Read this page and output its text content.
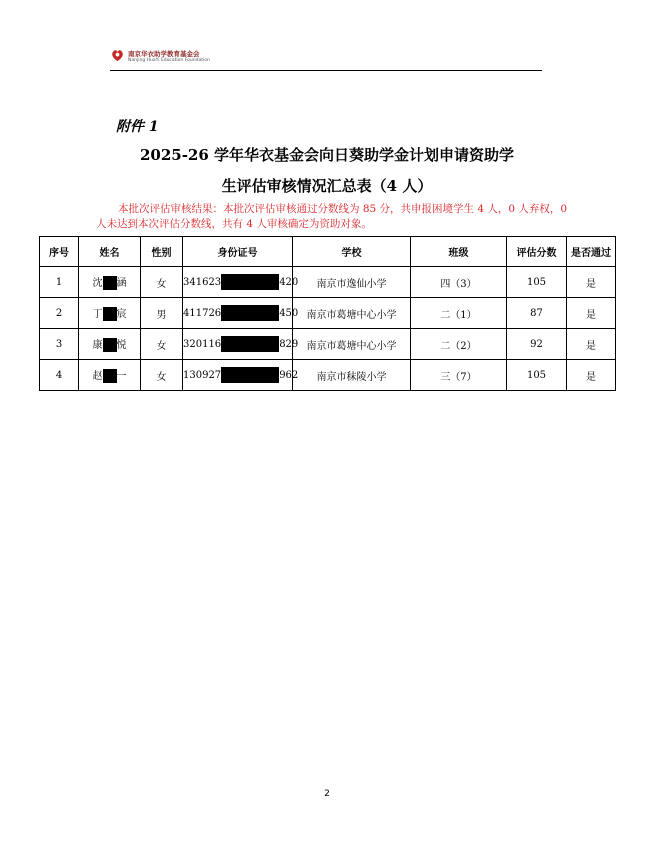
南京华衣助学教育基金会
Nanjing HuaYi Education Foundation
附件 1
2025-26 学年华衣基金会向日葵助学金计划申请资助学
生评估审核情况汇总表（4 人）
本批次评估审核结果：本批次评估审核通过分数线为 85 分，共申报困境学生 4 人，0 人弃权，0 人未达到本次评估分数线，共有 4 人审核确定为资助对象。
序号	姓名	性别	身份证号	学校	班级	评估分数	是否通过
1	沈 涵	女	341623 420	南京市逸仙小学	四（3）	105	是
2	丁 宸	男	411726 450	南京市葛塘中心小学	二（1）	87	是
3	康 悦	女	320116 829	南京市葛塘中心小学	二（2）	92	是
4	赵 一	女	130927 962	南京市秣陵小学	三（7）	105	是
2
